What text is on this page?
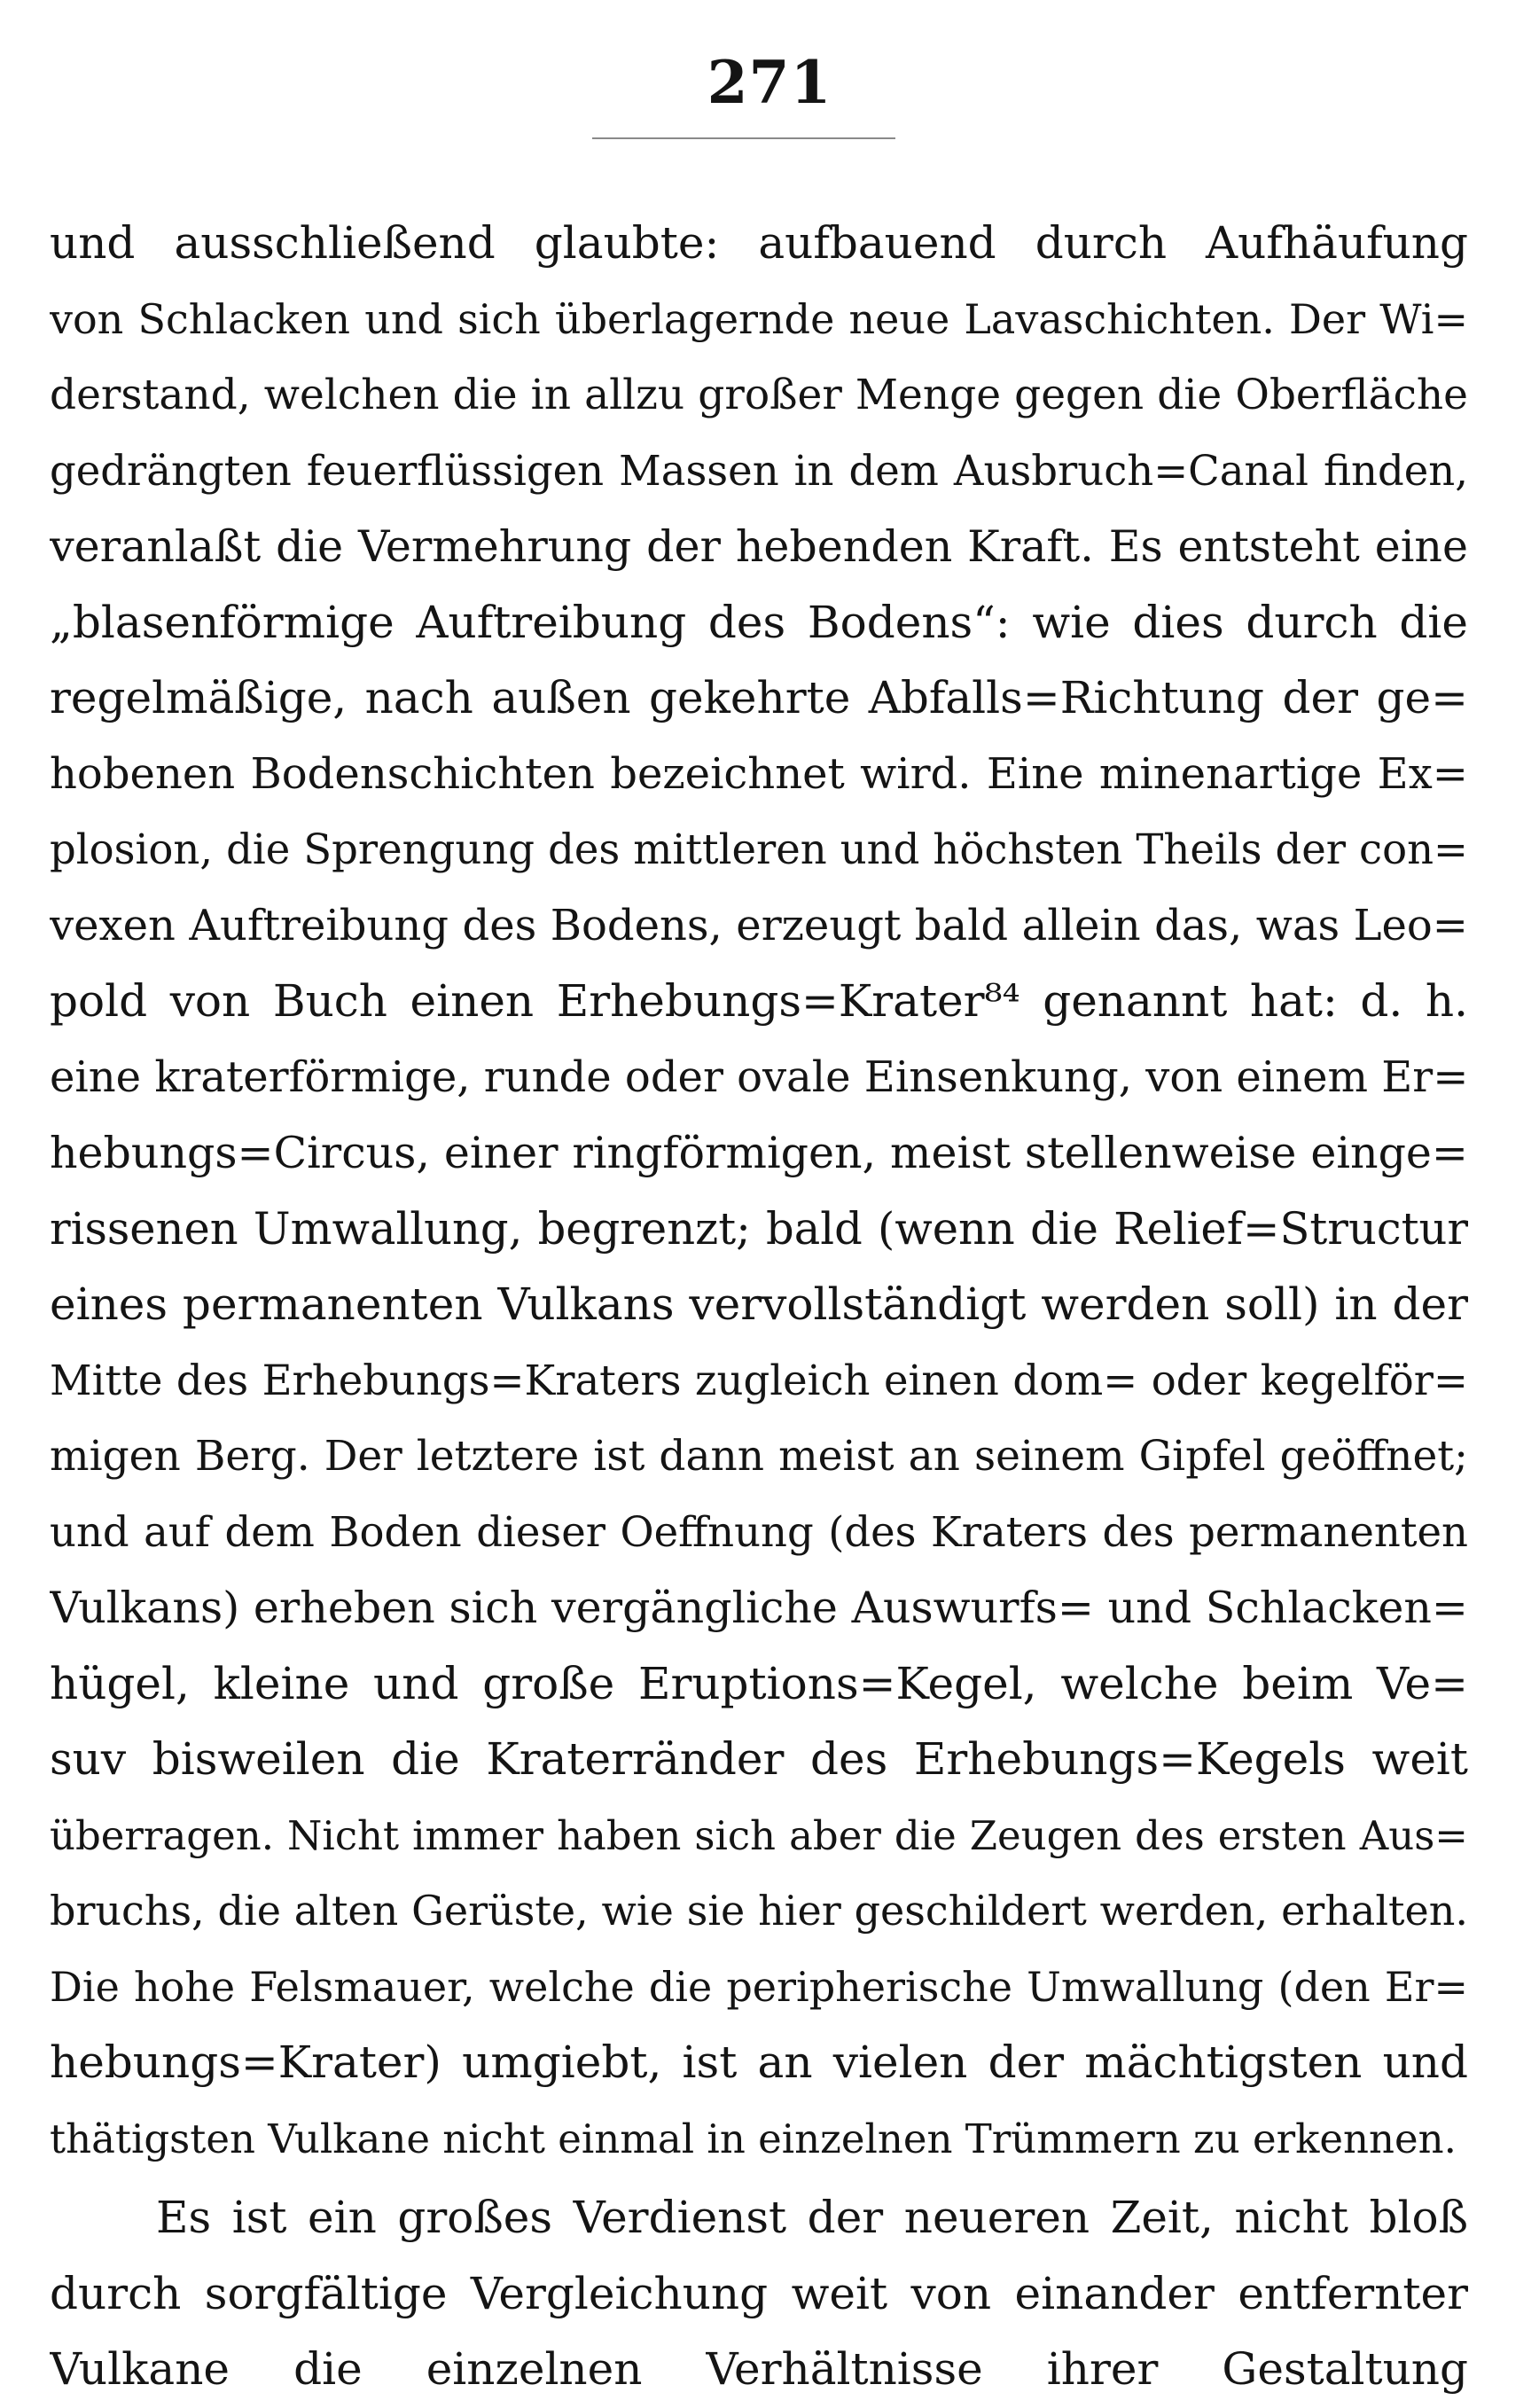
271
und ausschließend glaubte: aufbauend durch Aufhäufung
von Schlacken und sich überlagernde neue Lavaschichten. Der Wi=
derstand, welchen die in allzu großer Menge gegen die Oberfläche
gedrängten feuerflüssigen Massen in dem Ausbruch=Canal finden,
veranlaßt die Vermehrung der hebenden Kraft. Es entsteht eine
„blasenförmige Auftreibung des Bodens“: wie dies durch die
regelmäßige, nach außen gekehrte Abfalls=Richtung der ge=
hobenen Bodenschichten bezeichnet wird. Eine minenartige Ex=
plosion, die Sprengung des mittleren und höchsten Theils der con=
vexen Auftreibung des Bodens, erzeugt bald allein das, was Leo=
pold von Buch einen Erhebungs=Krater⁸⁴ genannt hat: d. h.
eine kraterförmige, runde oder ovale Einsenkung, von einem Er=
hebungs=Circus, einer ringförmigen, meist stellenweise einge=
rissenen Umwallung, begrenzt; bald (wenn die Relief=Structur
eines permanenten Vulkans vervollständigt werden soll) in der
Mitte des Erhebungs=Kraters zugleich einen dom= oder kegelför=
migen Berg. Der letztere ist dann meist an seinem Gipfel geöffnet;
und auf dem Boden dieser Oeffnung (des Kraters des permanenten
Vulkans) erheben sich vergängliche Auswurfs= und Schlacken=
hügel, kleine und große Eruptions=Kegel, welche beim Ve=
suv bisweilen die Kraterränder des Erhebungs=Kegels weit
überragen. Nicht immer haben sich aber die Zeugen des ersten Aus=
bruchs, die alten Gerüste, wie sie hier geschildert werden, erhalten.
Die hohe Felsmauer, welche die peripherische Umwallung (den Er=
hebungs=Krater) umgiebt, ist an vielen der mächtigsten und
thätigsten Vulkane nicht einmal in einzelnen Trümmern zu erkennen.
Es ist ein großes Verdienst der neueren Zeit, nicht bloß
durch sorgfältige Vergleichung weit von einander entfernter
Vulkane die einzelnen Verhältnisse ihrer Gestaltung
